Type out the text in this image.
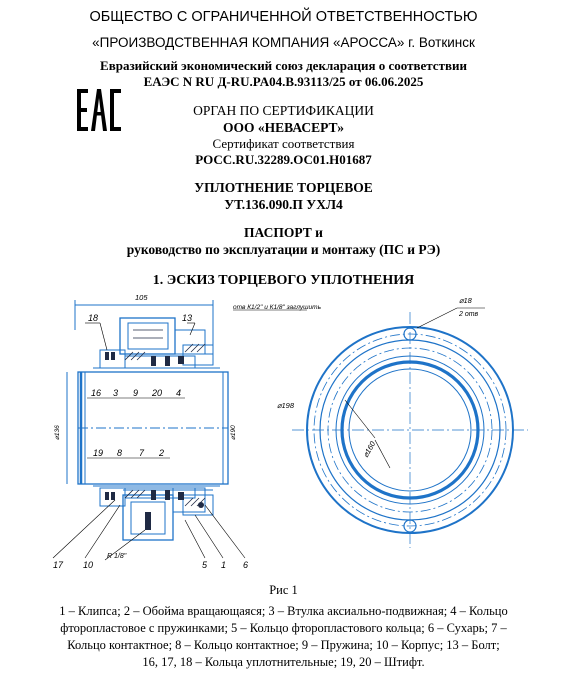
ОБЩЕСТВО С ОГРАНИЧЕННОЙ ОТВЕТСТВЕННОСТЬЮ
«ПРОИЗВОДСТВЕННАЯ КОМПАНИЯ «АРОССА» г. Воткинск
Евразийский экономический союз декларация о соответствии
ЕАЭС N RU Д-RU.PA04.B.93113/25 от 06.06.2025
ОРГАН ПО СЕРТИФИКАЦИИ
ООО «НЕВАСЕРТ»
Сертификат соответствия
РОСС.RU.32289.ОС01.Н01687
УПЛОТНЕНИЕ ТОРЦЕВОЕ
УТ.136.090.П УХЛ4
ПАСПОРТ и
руководство по эксплуатации и монтажу (ПС и РЭ)
1. ЭСКИЗ ТОРЦЕВОГО УПЛОТНЕНИЯ
105
отв К1/2" и К1/8" заглушить
⌀18
2 отв
⌀198
⌀160
⌀136	⌀190
R 1/8"
18	13
16 3 9 20 4
19 8 7 2
17 10	5 1 6
Рис 1
1 – Клипса; 2 – Обойма вращающаяся; 3 – Втулка аксиально-подвижная; 4 – Кольцо
фторопластовое с пружинками; 5 – Кольцо фторопластового кольца; 6 – Сухарь; 7 –
Кольцо контактное; 8 – Кольцо контактное; 9 – Пружина; 10 – Корпус; 13 – Болт;
16, 17, 18 – Кольца уплотнительные; 19, 20 – Штифт.
